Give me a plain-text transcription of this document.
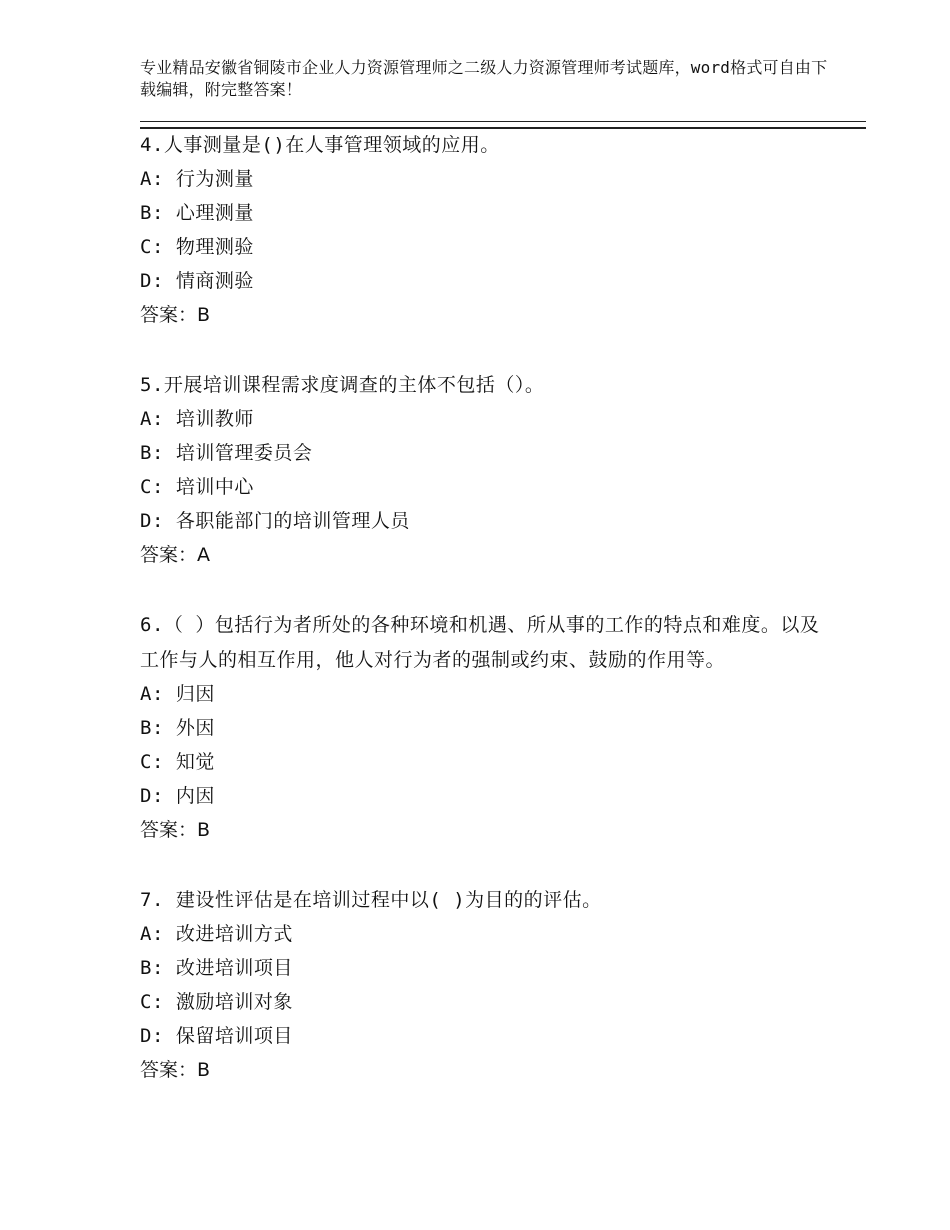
专业精品安徽省铜陵市企业人力资源管理师之二级人力资源管理师考试题库，word格式可自由下载编辑，附完整答案！

4.人事测量是()在人事管理领域的应用。

A: 行为测量

B: 心理测量

C: 物理测验

D: 情商测验

答案：B

5.开展培训课程需求度调查的主体不包括（）。

A: 培训教师

B: 培训管理委员会

C: 培训中心

D: 各职能部门的培训管理人员

答案：A

6.（ ）包括行为者所处的各种环境和机遇、所从事的工作的特点和难度。以及工作与人的相互作用，他人对行为者的强制或约束、鼓励的作用等。

A: 归因

B: 外因

C: 知觉

D: 内因

答案：B

7. 建设性评估是在培训过程中以( )为目的的评估。

A: 改进培训方式

B: 改进培训项目

C: 激励培训对象

D: 保留培训项目

答案：B
